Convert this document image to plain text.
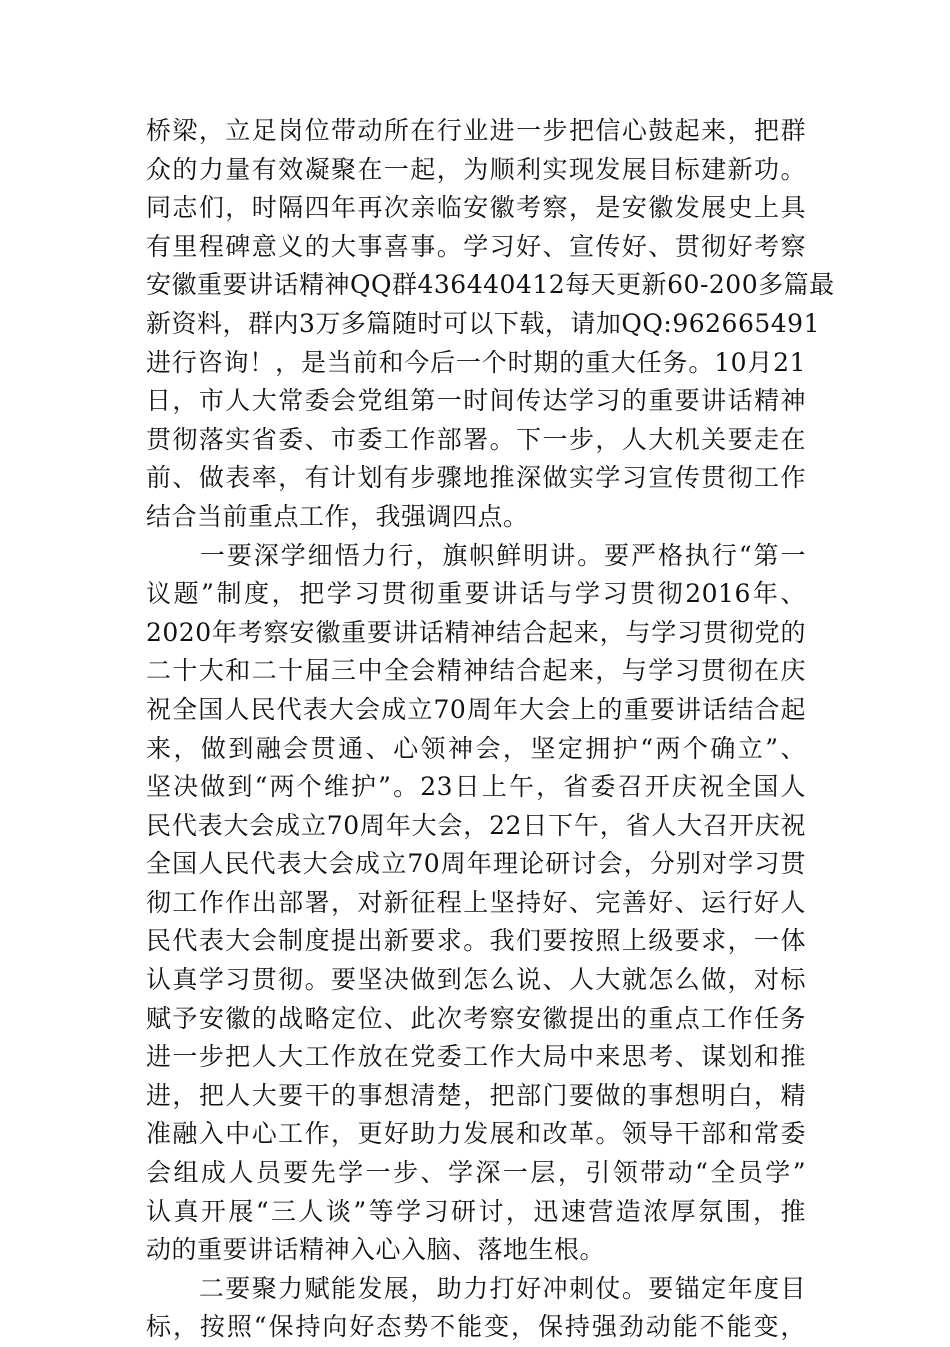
桥梁，立足岗位带动所在行业进一步把信心鼓起来，把群
众的力量有效凝聚在一起，为顺利实现发展目标建新功。
同志们，时隔四年再次亲临安徽考察，是安徽发展史上具
有里程碑意义的大事喜事。学习好、宣传好、贯彻好考察
安徽重要讲话精神QQ群436440412每天更新60-200多篇最
新资料，群内3万多篇随时可以下载，请加QQ:962665491
进行咨询！，是当前和今后一个时期的重大任务。10月21
日，市人大常委会党组第一时间传达学习的重要讲话精神
贯彻落实省委、市委工作部署。下一步，人大机关要走在
前、做表率，有计划有步骤地推深做实学习宣传贯彻工作
结合当前重点工作，我强调四点。
　　一要深学细悟力行，旗帜鲜明讲。要严格执行“第一
议题”制度，把学习贯彻重要讲话与学习贯彻2016年、
2020年考察安徽重要讲话精神结合起来，与学习贯彻党的
二十大和二十届三中全会精神结合起来，与学习贯彻在庆
祝全国人民代表大会成立70周年大会上的重要讲话结合起
来，做到融会贯通、心领神会，坚定拥护“两个确立”、
坚决做到“两个维护”。23日上午，省委召开庆祝全国人
民代表大会成立70周年大会，22日下午，省人大召开庆祝
全国人民代表大会成立70周年理论研讨会，分别对学习贯
彻工作作出部署，对新征程上坚持好、完善好、运行好人
民代表大会制度提出新要求。我们要按照上级要求，一体
认真学习贯彻。要坚决做到怎么说、人大就怎么做，对标
赋予安徽的战略定位、此次考察安徽提出的重点工作任务
进一步把人大工作放在党委工作大局中来思考、谋划和推
进，把人大要干的事想清楚，把部门要做的事想明白，精
准融入中心工作，更好助力发展和改革。领导干部和常委
会组成人员要先学一步、学深一层，引领带动“全员学”
认真开展“三人谈”等学习研讨，迅速营造浓厚氛围，推
动的重要讲话精神入心入脑、落地生根。
　　二要聚力赋能发展，助力打好冲刺仗。要锚定年度目
标，按照“保持向好态势不能变，保持强劲动能不能变，
